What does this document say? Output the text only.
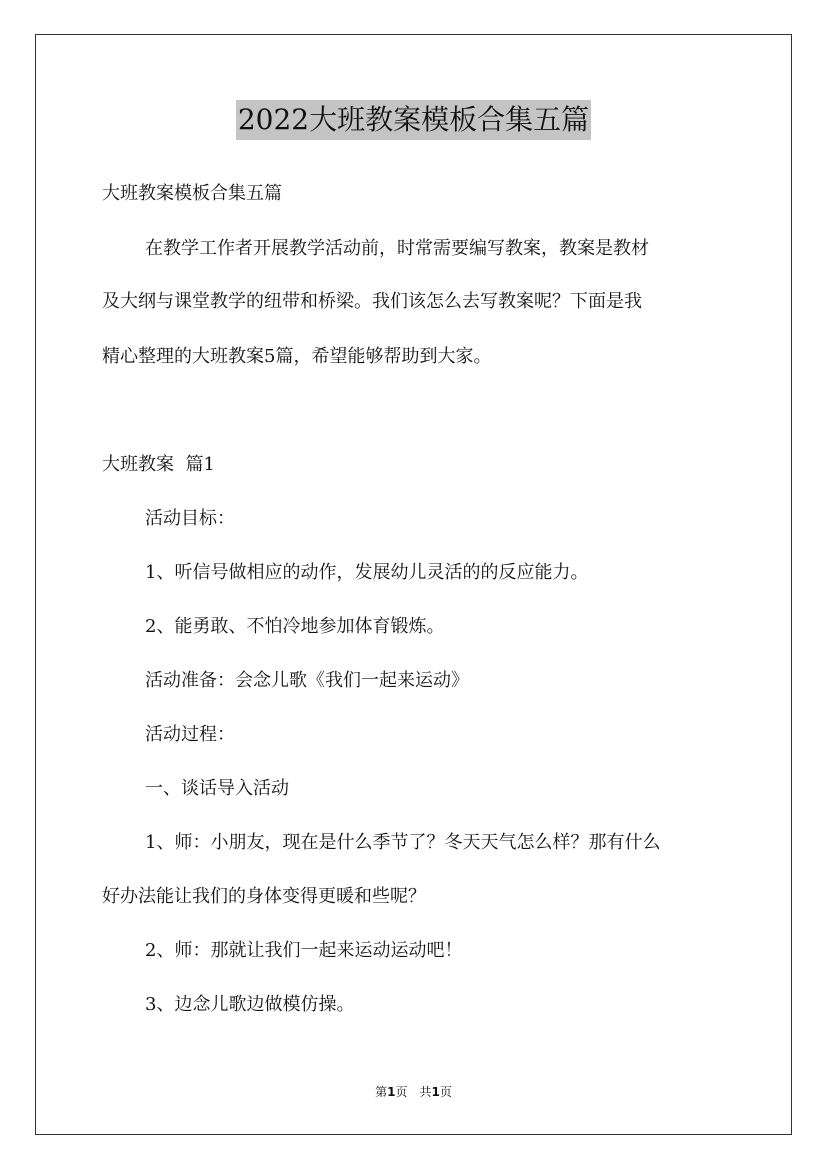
2022大班教案模板合集五篇
大班教案模板合集五篇
在教学工作者开展教学活动前，时常需要编写教案，教案是教材
及大纲与课堂教学的纽带和桥梁。我们该怎么去写教案呢？下面是我
精心整理的大班教案5篇，希望能够帮助到大家。
大班教案  篇1
活动目标：
1、听信号做相应的动作，发展幼儿灵活的的反应能力。
2、能勇敢、不怕冷地参加体育锻炼。
活动准备：会念儿歌《我们一起来运动》
活动过程：
一、谈话导入活动
1、师：小朋友，现在是什么季节了？冬天天气怎么样？那有什么
好办法能让我们的身体变得更暖和些呢？
2、师：那就让我们一起来运动运动吧！
3、边念儿歌边做模仿操。
第1页 共1页
